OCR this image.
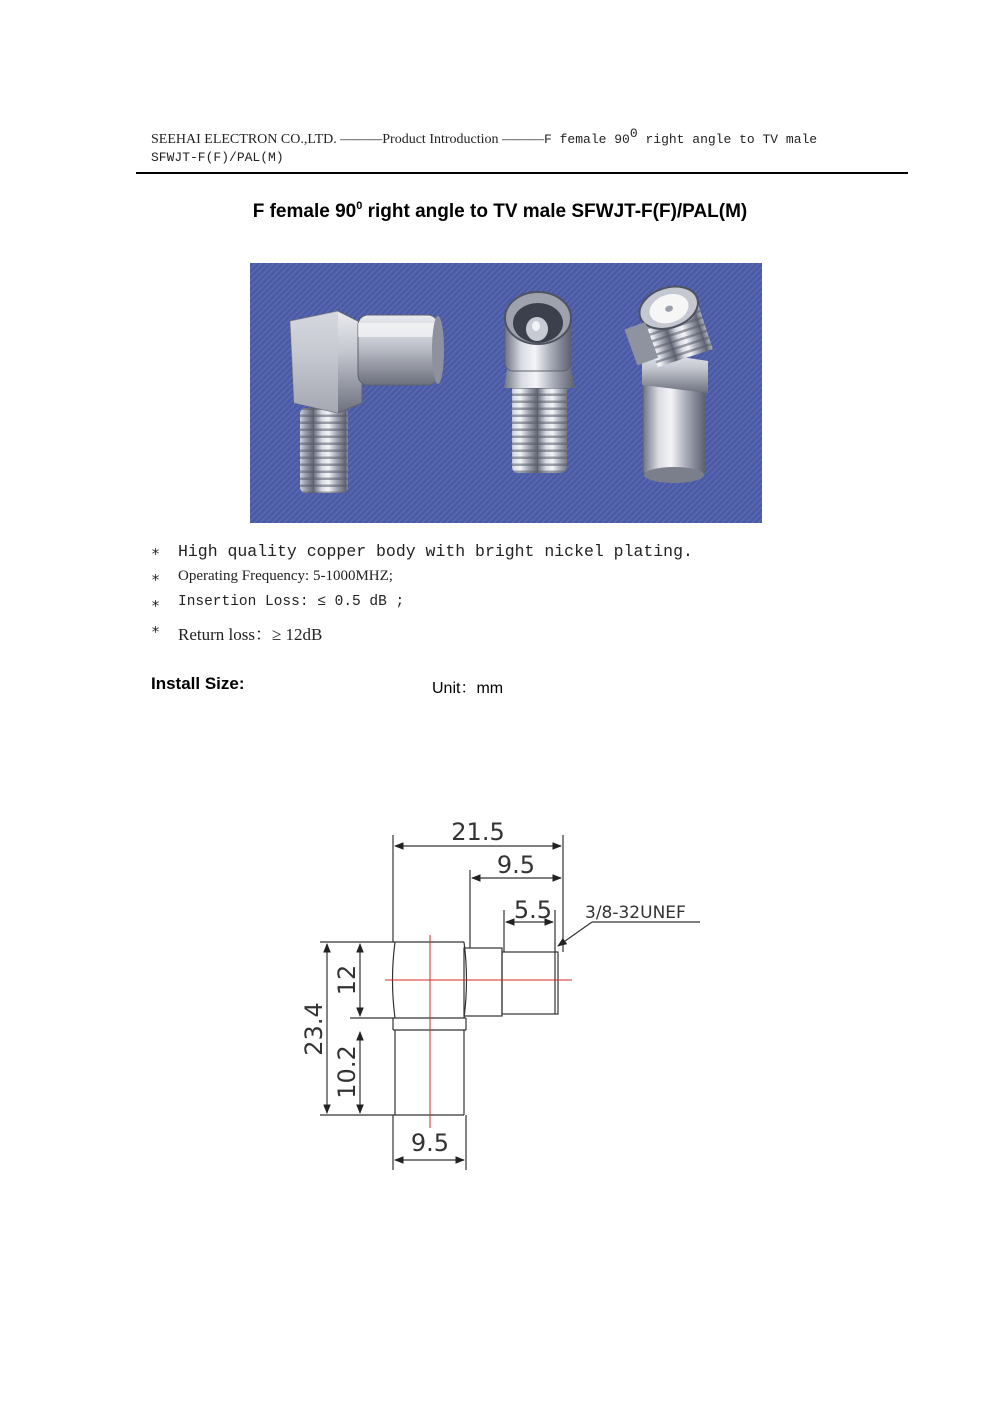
SEEHAI ELECTRON CO.,LTD. ———Product Introduction ———F female $90^0$ right angle to TV male
SFWJT-F(F)/PAL(M)
F female $90^0$ right angle to TV male SFWJT-F(F)/PAL(M)
∗ High quality copper body with bright nickel plating.
∗ Operating Frequency: 5-1000MHZ;
∗ Insertion Loss: ≤ 0.5 dB ;
∗ Return loss：≥ 12dB
Install Size:	Unit：mm
21.5
9.5
5.5 3/8-32UNEF
23.4
12
10.2
9.5
